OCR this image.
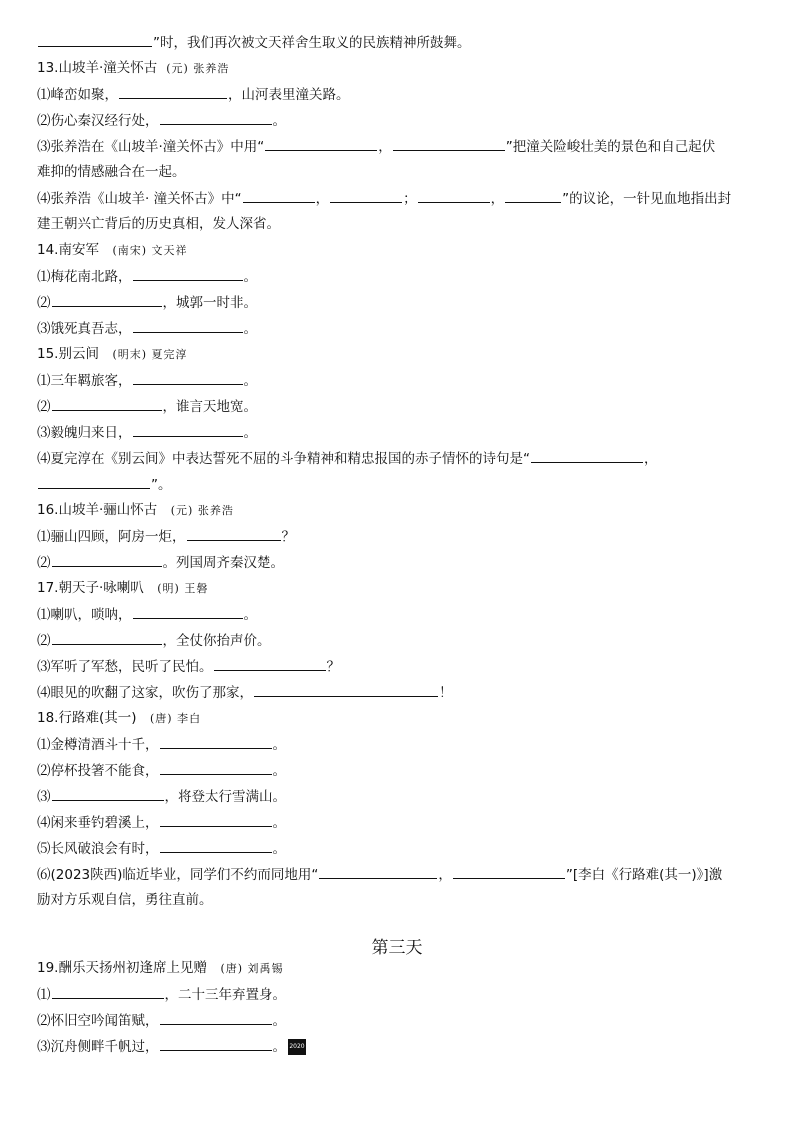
”时，我们再次被文天祥舍生取义的民族精神所鼓舞。
13.山坡羊·潼关怀古  (元) 张养浩
⑴峰峦如聚，	，山河表里潼关路。
⑵伤心秦汉经行处，	。
⑶张养浩在《山坡羊·潼关怀古》中用“	，	”把潼关险峻壮美的景色和自己起伏
难抑的情感融合在一起。
⑷张养浩《山坡羊· 潼关怀古》中“	，	；	，	”的议论，一针见血地指出封
建王朝兴亡背后的历史真相，发人深省。
14.南安军   (南宋) 文天祥
⑴梅花南北路，	。
⑵	，城郭一时非。
⑶饿死真吾志，	。
15.别云间   (明末) 夏完淳
⑴三年羁旅客，	。
⑵	，谁言天地宽。
⑶毅魄归来日，	。
⑷夏完淳在《别云间》中表达誓死不屈的斗争精神和精忠报国的赤子情怀的诗句是“	，
”。
16.山坡羊·骊山怀古   (元) 张养浩
⑴骊山四顾，阿房一炬，	？
⑵	。列国周齐秦汉楚。
17.朝天子·咏喇叭   (明) 王磐
⑴喇叭，唢呐，	。
⑵	，全仗你抬声价。
⑶军听了军愁，民听了民怕。	？
⑷眼见的吹翻了这家，吹伤了那家，	！
18.行路难(其一)   (唐) 李白
⑴金樽清酒斗十千，	。
⑵停杯投箸不能食，	。
⑶	，将登太行雪满山。
⑷闲来垂钓碧溪上，	。
⑸长风破浪会有时，	。
⑹(2023陕西)临近毕业，同学们不约而同地用“	，	”[李白《行路难(其一)》]激
励对方乐观自信，勇往直前。
19.酬乐天扬州初逢席上见赠   (唐) 刘禹锡
⑴	，二十三年弃置身。
⑵怀旧空吟闻笛赋，	。
⑶沉舟侧畔千帆过，	。 2020
第三天
